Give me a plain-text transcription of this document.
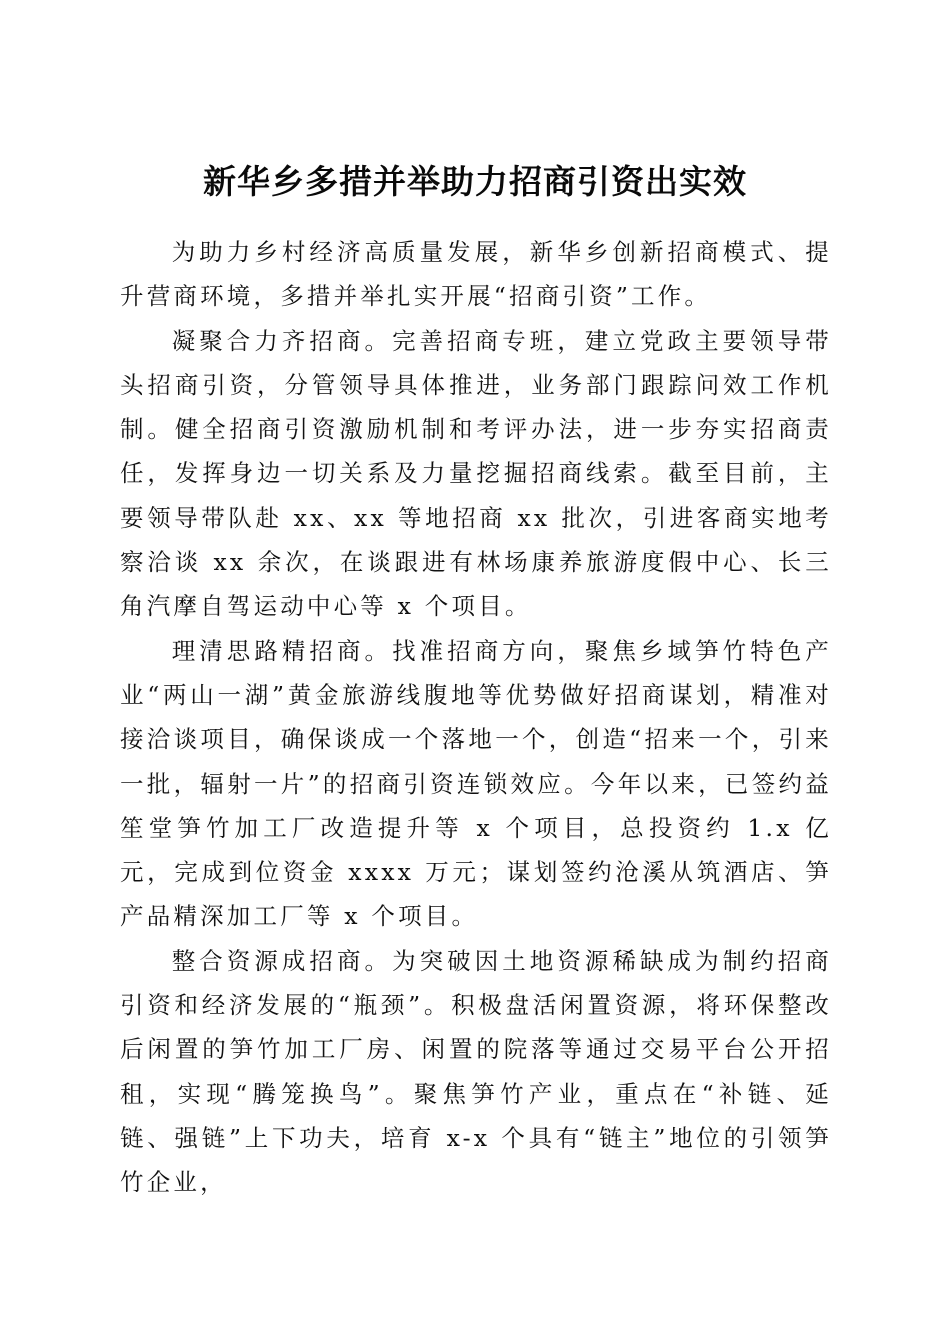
新华乡多措并举助力招商引资出实效

为助力乡村经济高质量发展，新华乡创新招商模式、提升营商环境，多措并举扎实开展“招商引资”工作。

凝聚合力齐招商。完善招商专班，建立党政主要领导带头招商引资，分管领导具体推进，业务部门跟踪问效工作机制。健全招商引资激励机制和考评办法，进一步夯实招商责任，发挥身边一切关系及力量挖掘招商线索。截至目前，主要领导带队赴 xx、xx 等地招商 xx 批次，引进客商实地考察洽谈 xx 余次，在谈跟进有林场康养旅游度假中心、长三角汽摩自驾运动中心等 x 个项目。

理清思路精招商。找准招商方向，聚焦乡域笋竹特色产业“两山一湖”黄金旅游线腹地等优势做好招商谋划，精准对接洽谈项目，确保谈成一个落地一个，创造“招来一个，引来一批，辐射一片”的招商引资连锁效应。今年以来，已签约益笙堂笋竹加工厂改造提升等 x 个项目，总投资约 1.x 亿元，完成到位资金 xxxx 万元；谋划签约沧溪从筑酒店、笋产品精深加工厂等 x 个项目。

整合资源成招商。为突破因土地资源稀缺成为制约招商引资和经济发展的“瓶颈”。积极盘活闲置资源，将环保整改后闲置的笋竹加工厂房、闲置的院落等通过交易平台公开招租，实现“腾笼换鸟”。聚焦笋竹产业，重点在“补链、延链、强链”上下功夫，培育 x-x 个具有“链主”地位的引领笋竹企业，
